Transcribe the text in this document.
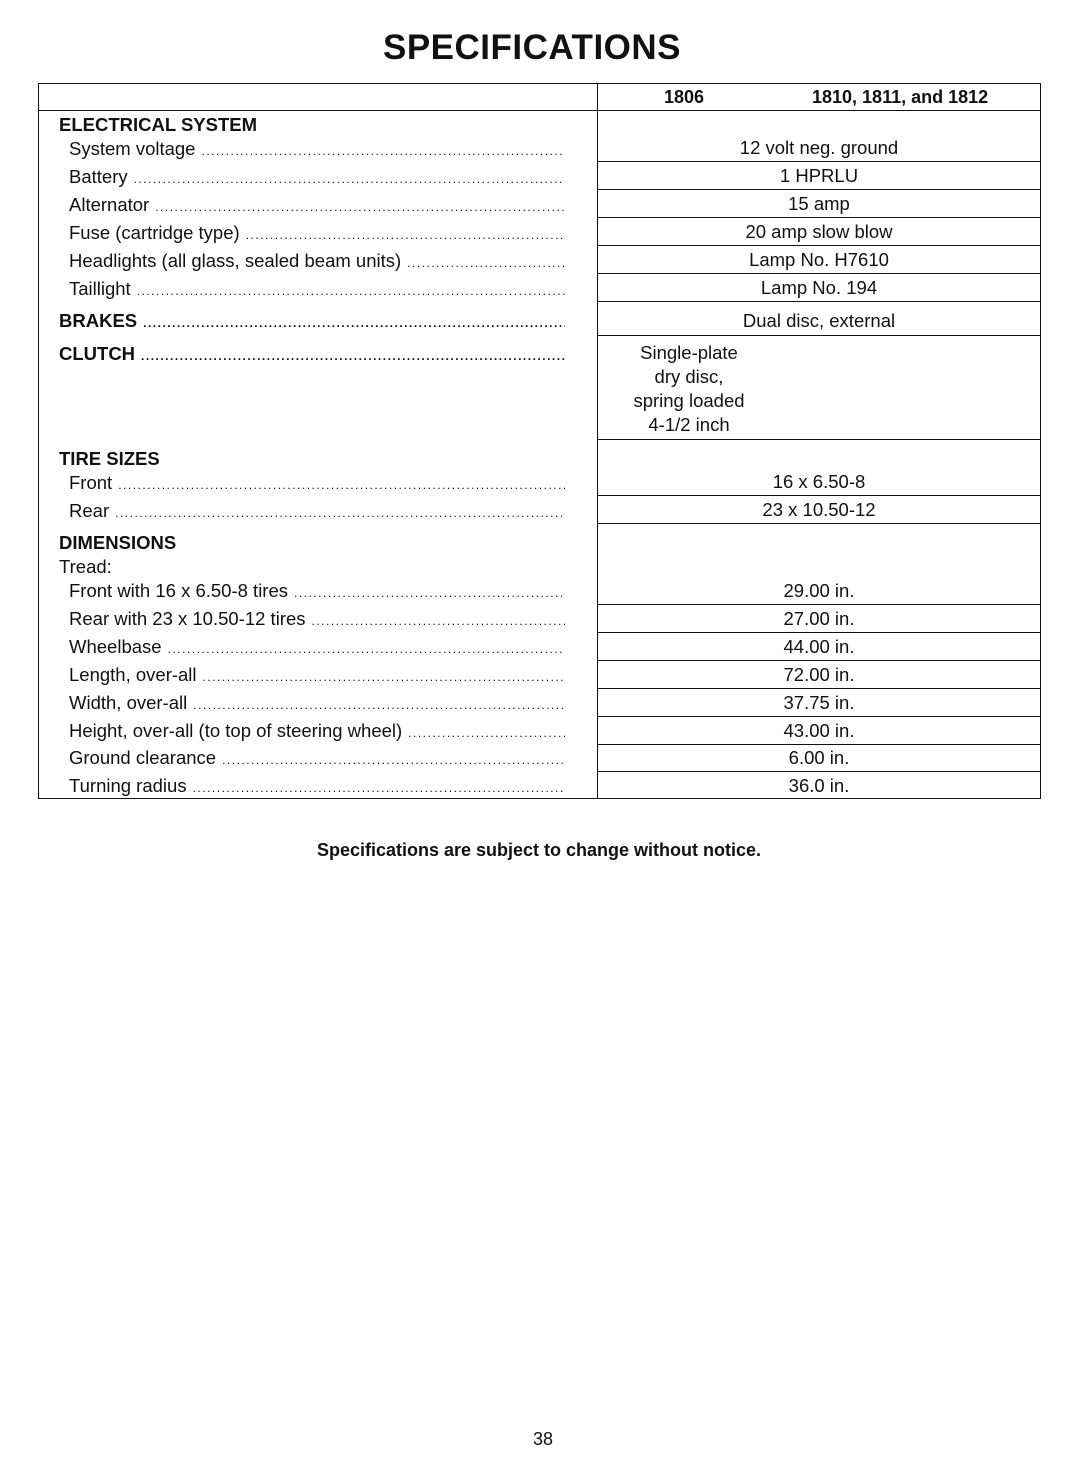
SPECIFICATIONS
1806	1810, 1811, and 1812
ELECTRICAL SYSTEM
System voltage .....	12 volt neg. ground
Battery .....	1 HPRLU
Alternator .....	15 amp
Fuse (cartridge type) .....	20 amp slow blow
Headlights (all glass, sealed beam units) .....	Lamp No. H7610
Taillight .....	Lamp No. 194
BRAKES .....	Dual disc, external
CLUTCH .....	Single-plate
dry disc,
spring loaded
4-1/2 inch
TIRE SIZES
Front .....	16 x 6.50-8
Rear .....	23 x 10.50-12
DIMENSIONS
Tread:
Front with 16 x 6.50-8 tires .....	29.00 in.
Rear with 23 x 10.50-12 tires .....	27.00 in.
Wheelbase .....	44.00 in.
Length, over-all .....	72.00 in.
Width, over-all .....	37.75 in.
Height, over-all (to top of steering wheel) .....	43.00 in.
Ground clearance .....	6.00 in.
Turning radius .....	36.0 in.
Specifications are subject to change without notice.
38
